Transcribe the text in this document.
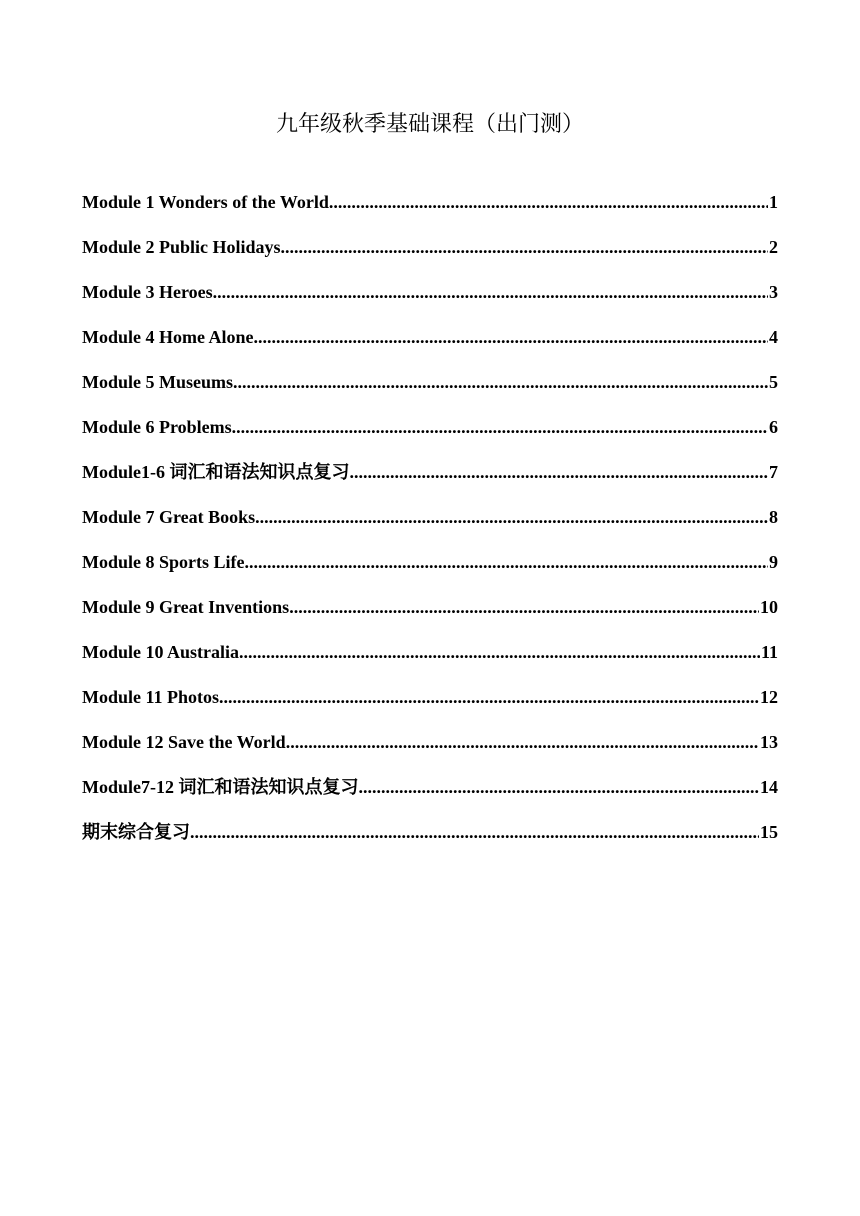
九年级秋季基础课程（出门测）
Module 1 Wonders of the World .....	1
Module 2 Public Holidays .....	2
Module 3 Heroes .....	3
Module 4 Home Alone .....	4
Module 5 Museums .....	5
Module 6 Problems .....	6
Module1-6 词汇和语法知识点复习 .....	7
Module 7 Great Books .....	8
Module 8 Sports Life .....	9
Module 9 Great Inventions .....	10
Module 10 Australia .....	11
Module 11 Photos .....	12
Module 12 Save the World .....	13
Module7-12 词汇和语法知识点复习 .....	14
期末综合复习 .....	15
